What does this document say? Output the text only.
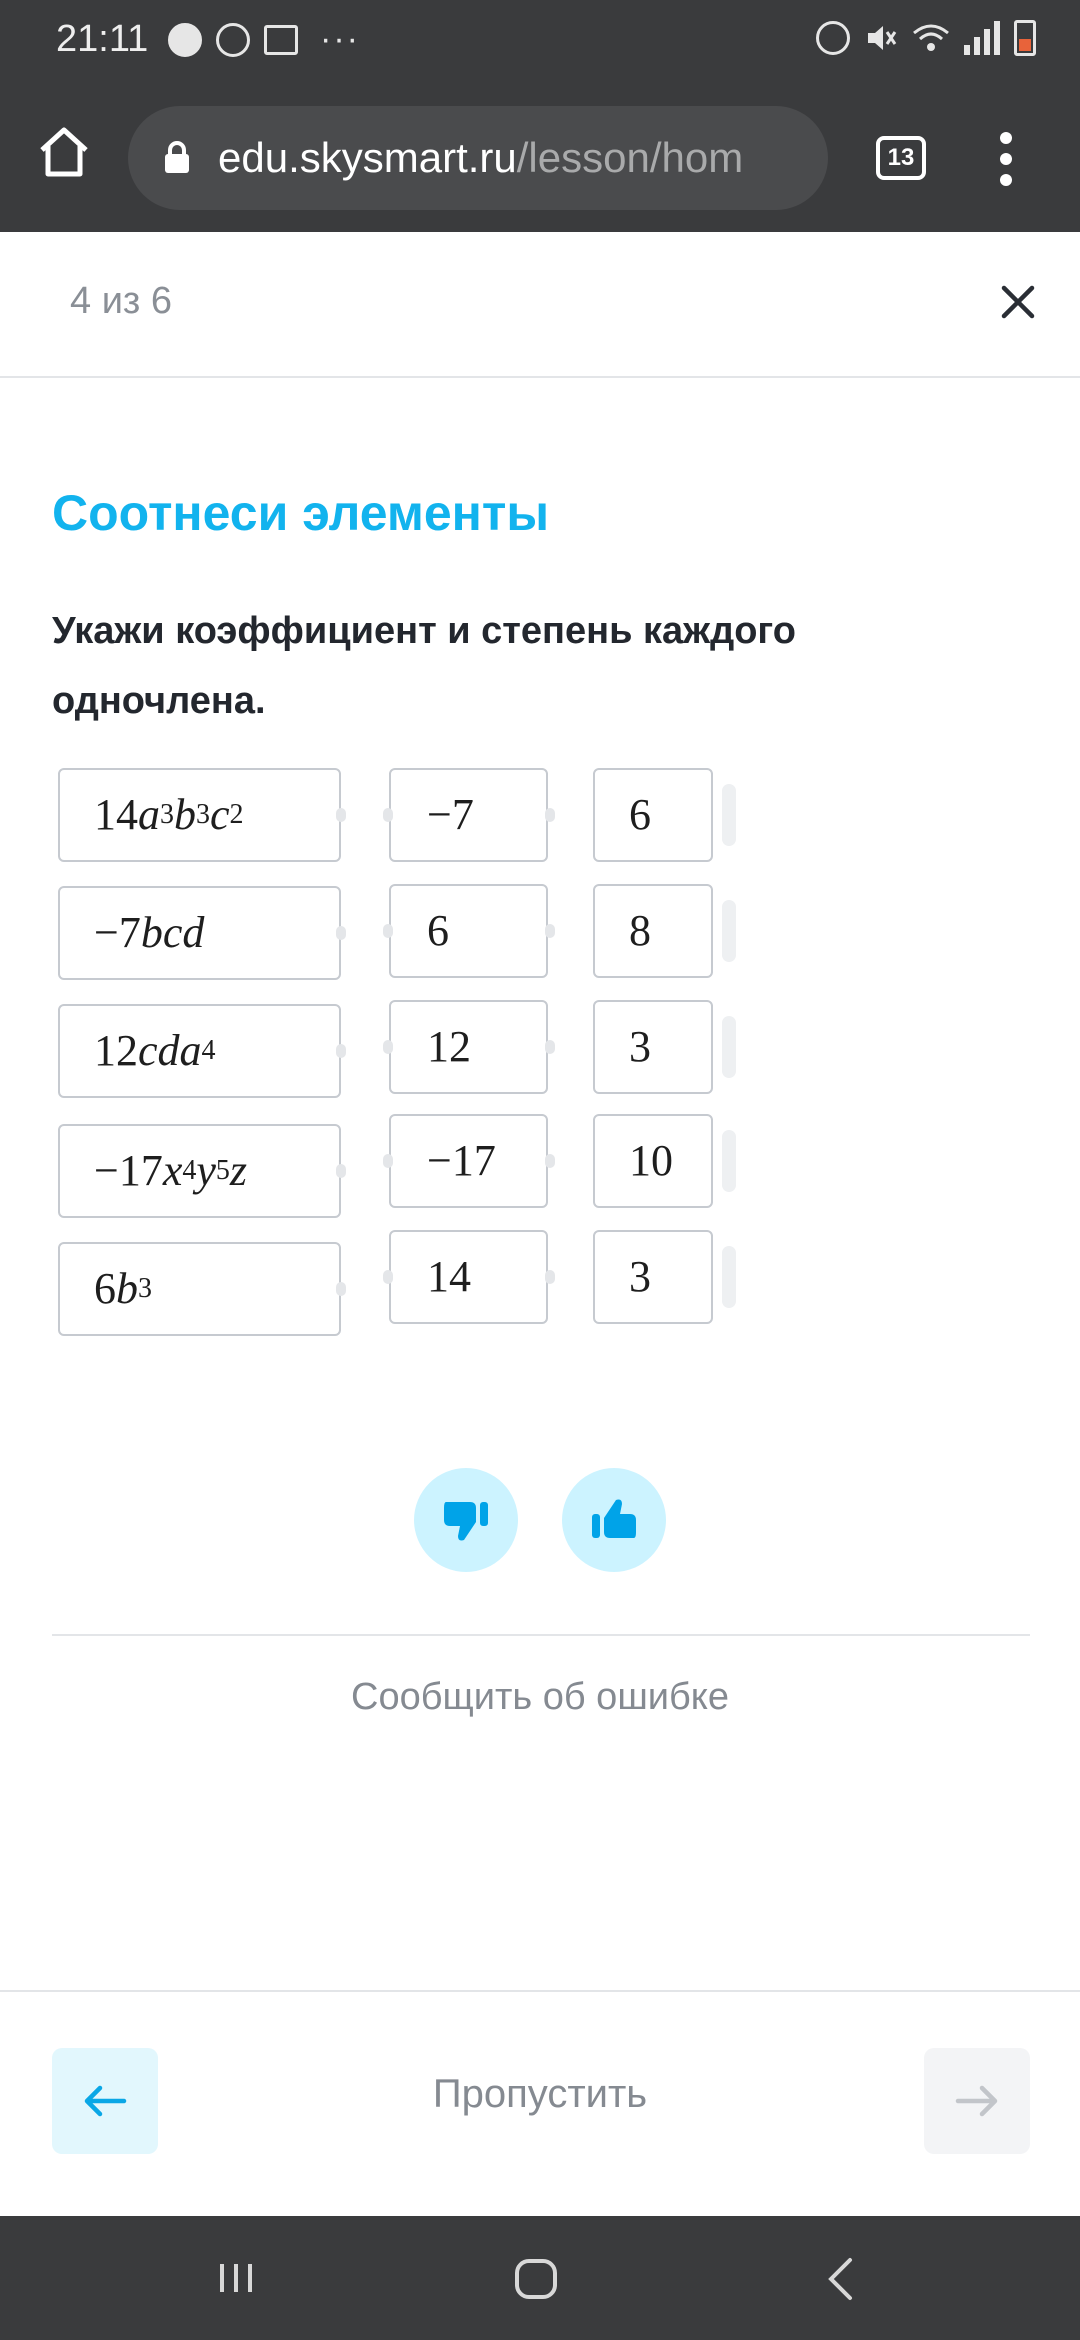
21:11	···
edu.skysmart.ru/lesson/hom	13
4 из 6
Соотнеси элементы
Укажи коэффициент и степень каждого одночлена.
14 a 3 b 3 c 2
−7 bcd
12 cda 4
−17 x 4 y 5 z
6 b 3
−7
6
12
−17
14
6
8
3
10
3
Сообщить об ошибке
Пропустить
